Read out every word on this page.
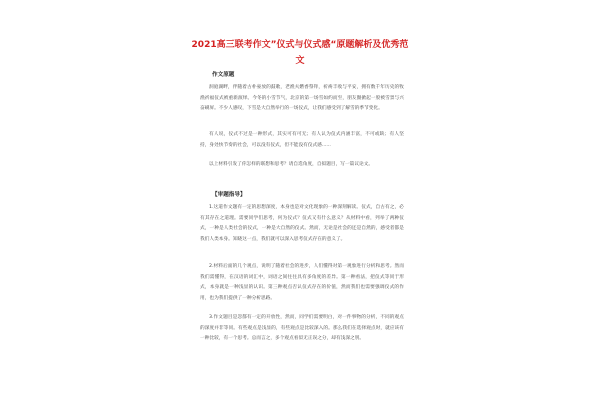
2021高三联考作文”仪式与仪式感“原题解析及优秀范文
作文原题
洞庭湖畔，伴随着古朴豪放的鼓歌，老渔夫燃香祭拜，祈祷丰收与平安，拥有数千年历史的牧渔祈福仪式被重新演绎。今冬的小雪节气，北京的第一场雪如约而至，朋友圈掀起一股被雪景与兴奋刷屏。不少人感叹，下雪是大自然举行的一场仪式，让我们感受到了解雪的季节变化。
有人说，仪式不过是一种形式，其实可有可无；有人认为仪式内涵丰富，不可或缺；有人坚持，身处快节奏的社会，可以没有仪式，但不能没有仪式感......
以上材料引发了你怎样的联想和思考？请自选角度，自拟题目，写一篇议论文。
【审题指导】
1.这道作文题有一定的思想深度，本身也是对文化现象的一种深刻解读。仪式，自古有之，必有其存在之道理。需要同学们思考，何为仪式？仪式又有什么意义？从材料中看，列举了两种仪式，一种是人类社会的仪式，一种是大自然的仪式。然而，无论是社会的还是自然的，感受者都是我们人类本身。知晓这一点，我们就可以深入思考仪式存在的意义了。
2.材料后面的几个观点，说明了随着社会的进步，人们懂得对第一观象进行分析和思考。然而我们需懂得，在汉语的词汇中，词语之间往往具有多角度的差异。第一种看法，把仪式等同于形式，本身就是一种浅显的认识。第三种观点否认仪式存在的价值，然而我们也需要强调仪式的作用，也为我们提供了一种分析思路。
3.作文题目是忽都有一定的开放性，然而，同学们需要明白，对一件事物的分析，不同的观点的深度并非等同。有些观点是浅显的，有些观点是比较深入的。那么我们在选择观点时，就应该有一种比较，有一个思考。总而言之，多个观点看似无正误之分，却有浅深之别。
